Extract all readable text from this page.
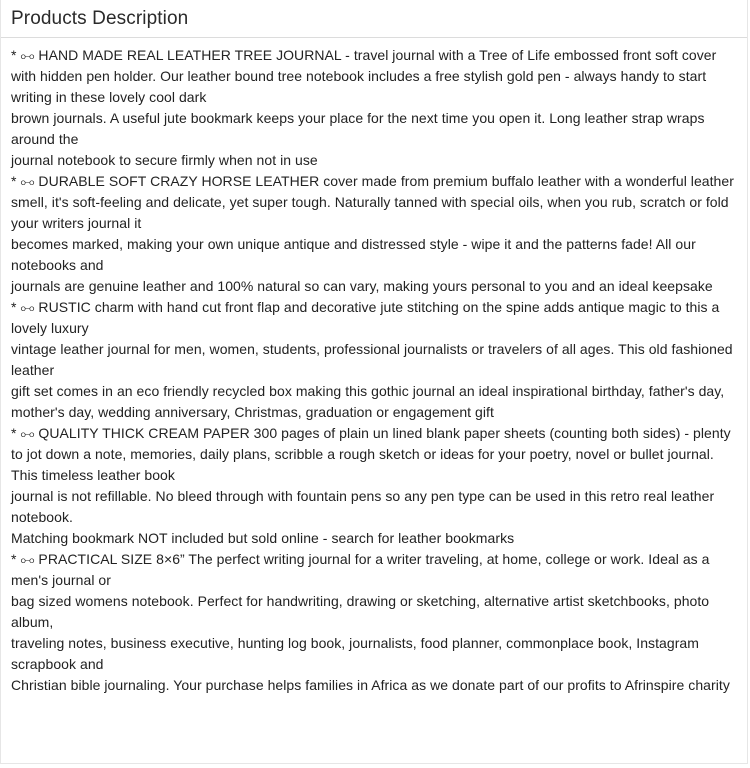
Products Description
* ⧟ HAND MADE REAL LEATHER TREE JOURNAL - travel journal with a Tree of Life embossed front soft cover with hidden pen holder. Our leather bound tree notebook includes a free stylish gold pen - always handy to start writing in these lovely cool dark
brown journals. A useful jute bookmark keeps your place for the next time you open it. Long leather strap wraps around the
journal notebook to secure firmly when not in use
* ⧟ DURABLE SOFT CRAZY HORSE LEATHER cover made from premium buffalo leather with a wonderful leather smell, it's soft-feeling and delicate, yet super tough. Naturally tanned with special oils, when you rub, scratch or fold your writers journal it
becomes marked, making your own unique antique and distressed style - wipe it and the patterns fade! All our notebooks and
journals are genuine leather and 100% natural so can vary, making yours personal to you and an ideal keepsake
* ⧟ RUSTIC charm with hand cut front flap and decorative jute stitching on the spine adds antique magic to this a lovely luxury
vintage leather journal for men, women, students, professional journalists or travelers of all ages. This old fashioned leather
gift set comes in an eco friendly recycled box making this gothic journal an ideal inspirational birthday, father's day,
mother's day, wedding anniversary, Christmas, graduation or engagement gift
* ⧟ QUALITY THICK CREAM PAPER 300 pages of plain un lined blank paper sheets (counting both sides) - plenty to jot down a note, memories, daily plans, scribble a rough sketch or ideas for your poetry, novel or bullet journal. This timeless leather book
journal is not refillable. No bleed through with fountain pens so any pen type can be used in this retro real leather notebook.
Matching bookmark NOT included but sold online - search for leather bookmarks
* ⧟ PRACTICAL SIZE 8×6” The perfect writing journal for a writer traveling, at home, college or work. Ideal as a men's journal or
bag sized womens notebook. Perfect for handwriting, drawing or sketching, alternative artist sketchbooks, photo album,
traveling notes, business executive, hunting log book, journalists, food planner, commonplace book, Instagram scrapbook and
Christian bible journaling. Your purchase helps families in Africa as we donate part of our profits to Afrinspire charity
